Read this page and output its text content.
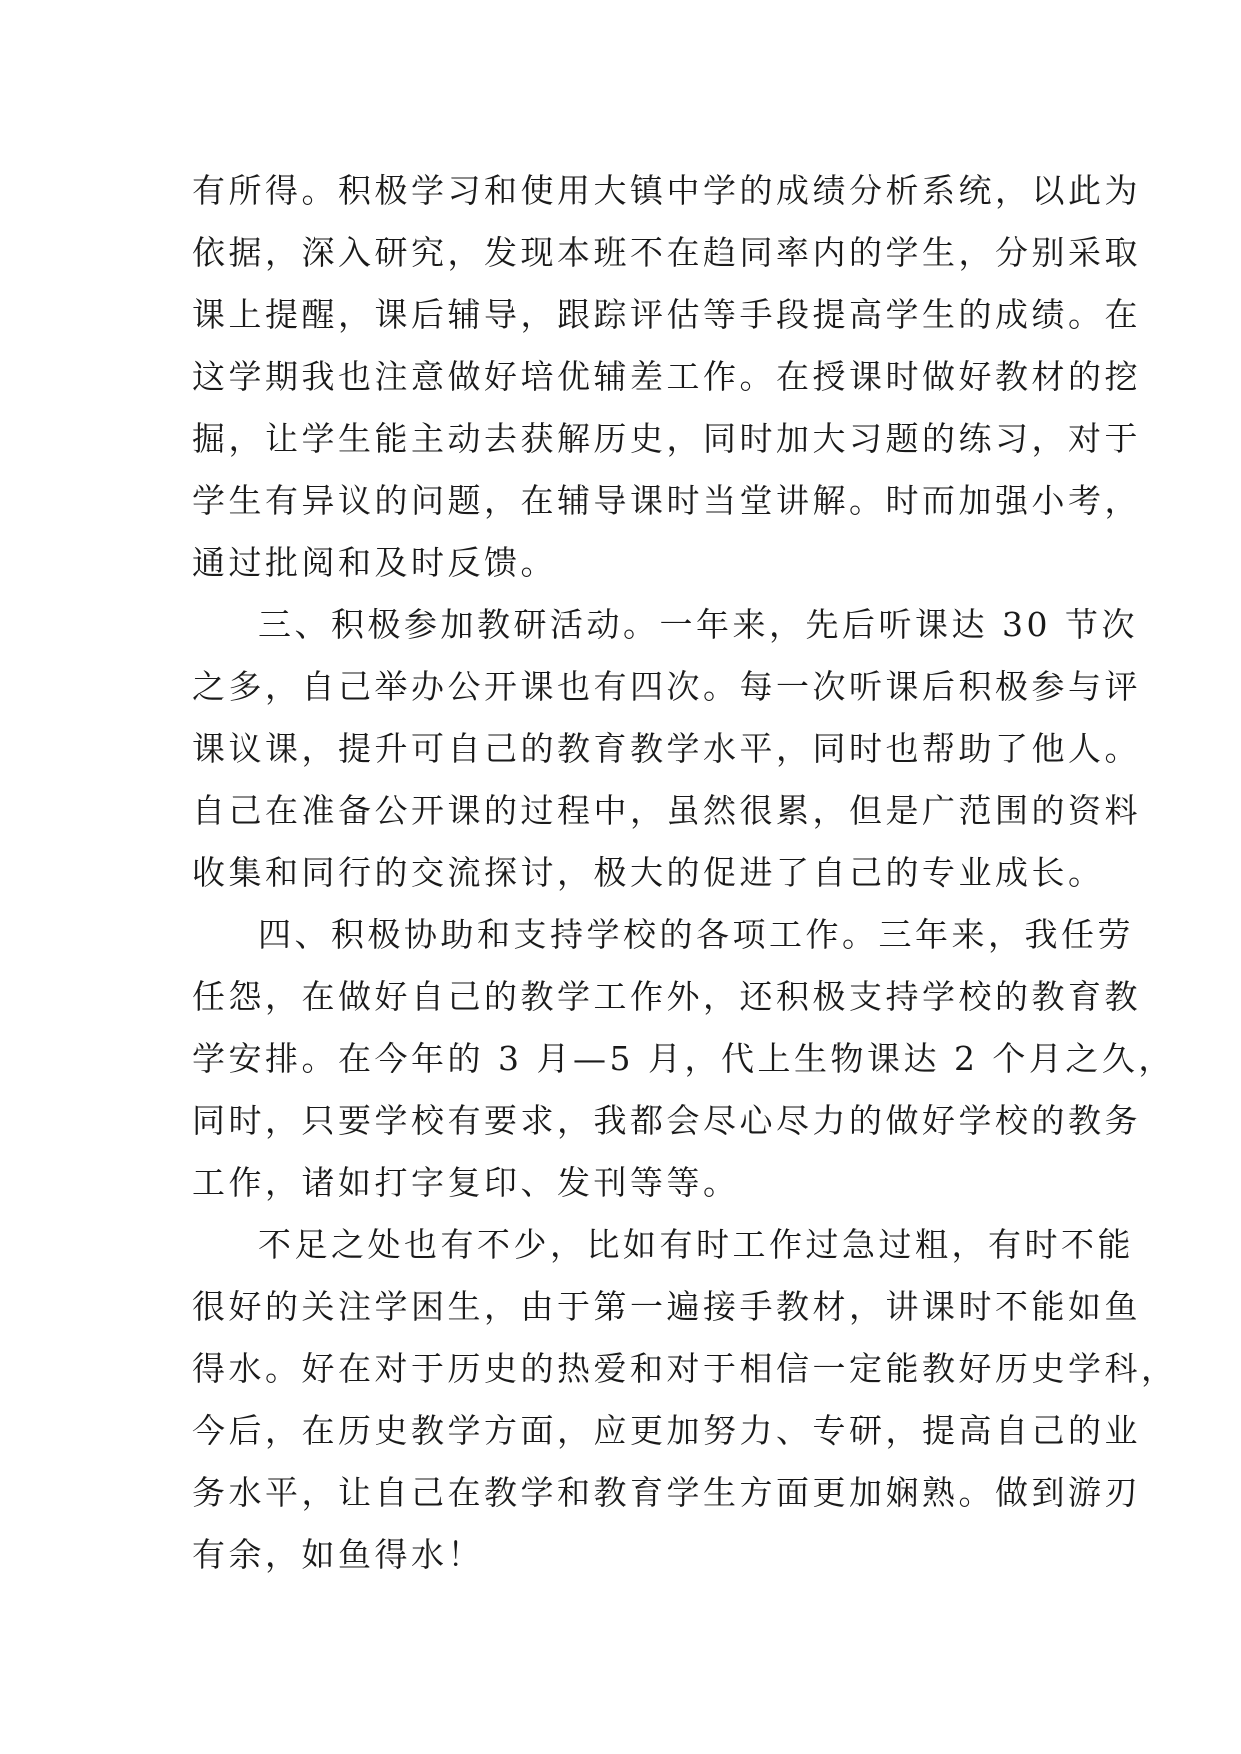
有所得。积极学习和使用大镇中学的成绩分析系统，以此为
依据，深入研究，发现本班不在趋同率内的学生，分别采取
课上提醒，课后辅导，跟踪评估等手段提高学生的成绩。在
这学期我也注意做好培优辅差工作。在授课时做好教材的挖
掘，让学生能主动去获解历史，同时加大习题的练习，对于
学生有异议的问题，在辅导课时当堂讲解。时而加强小考，
通过批阅和及时反馈。
三、积极参加教研活动。一年来，先后听课达 30 节次
之多，自己举办公开课也有四次。每一次听课后积极参与评
课议课，提升可自己的教育教学水平，同时也帮助了他人。
自己在准备公开课的过程中，虽然很累，但是广范围的资料
收集和同行的交流探讨，极大的促进了自己的专业成长。
四、积极协助和支持学校的各项工作。三年来，我任劳
任怨，在做好自己的教学工作外，还积极支持学校的教育教
学安排。在今年的 3 月—5 月，代上生物课达 2 个月之久，
同时，只要学校有要求，我都会尽心尽力的做好学校的教务
工作，诸如打字复印、发刊等等。
不足之处也有不少，比如有时工作过急过粗，有时不能
很好的关注学困生，由于第一遍接手教材，讲课时不能如鱼
得水。好在对于历史的热爱和对于相信一定能教好历史学科，
今后，在历史教学方面，应更加努力、专研，提高自己的业
务水平，让自己在教学和教育学生方面更加娴熟。做到游刃
有余，如鱼得水！
